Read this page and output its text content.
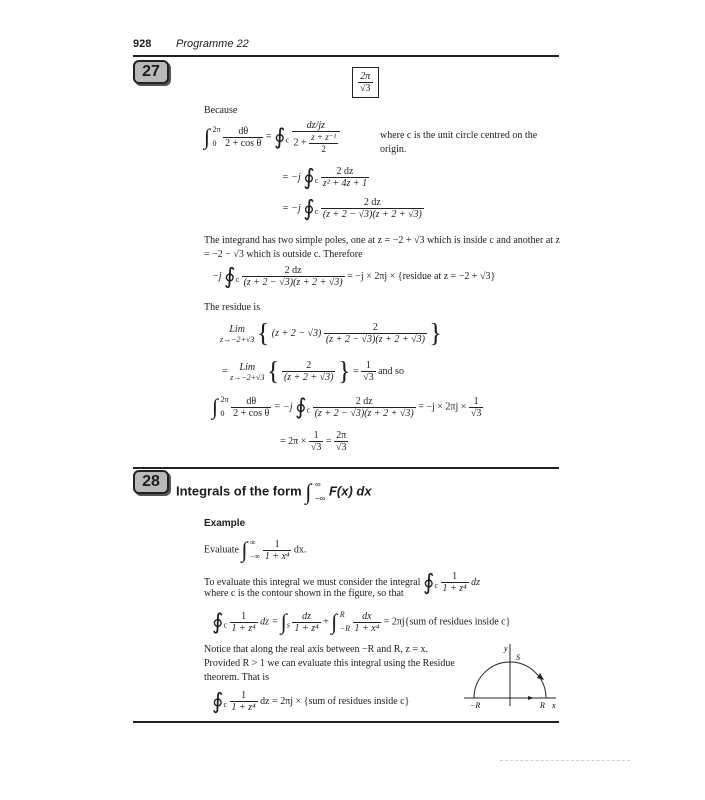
928 Programme 22
27	$\frac{2\pi}{√3}$
Because
∫ 2π
0
$\frac{d\theta}{\text{2 + cos θ}}$ = $∮_c \frac{dz/jz}{2 + \frac{\text{z + z⁻¹}}{2}}$	where c is the unit circle centred on the origin.
= −j $∮_c \frac{2 dz}{\text{z² + 4z + 1}}$
= −j $∮_c \frac{2 dz}{(z + 2 - √3)(z + 2 + √3)}$
The integrand has two simple poles, one at z = −2 + √3 which is inside c and another at z = −2 − √3 which is outside c. Therefore
−j $∮_c \frac{2 dz}{(z + 2 - √3)(z + 2 + √3)} = -j \times 2\pi j$ × {residue at z = −2 + √3}
The residue is
Lim
z→−2+√3 { $(z + 2 - √3) \frac{2}{(z + 2 - √3)(z + 2 + √3)}$ }
= Lim
z→−2+√3 { $\frac{2}{(z + 2 + √3)}$ } = $\frac{1}{√3}$ and so
∫ 2π
0
$\frac{d\theta}{\text{2 + cos θ}} = -j$ $∮_c \frac{2 dz}{(z + 2 - √3)(z + 2 + √3)} = -j \times 2\pi j \times \frac{1}{√3}$
= $2\pi \times \frac{1}{√3} = \frac{2\pi}{√3}$
28
Integrals of the form ∫ ∞
−∞
F(x) dx
Example
Evaluate ∫ ∞
−∞
$\frac{1}{\text{1 + x⁴}}$ dx.
To evaluate this integral we must consider the integral $∮_c \frac{1}{\text{1 + z⁴}}$ dz
where c is the contour shown in the figure, so that
$∮_c \frac{1}{\text{1 + z⁴}}$ dz = $\int_s \frac{dz}{\text{1 + z⁴}}$ + ∫ R
−R
$\frac{dx}{\text{1 + x⁴}} = 2\pi j\{sum$ of residues inside c}
Notice that along the real axis between −R and R, z = x. Provided R > 1 we can evaluate this integral using the Residue theorem. That is
$∮_c \frac{1}{\text{1 + z⁴}}$ dz = 2πj × {sum of residues inside c}
y
x
S
−R	R
